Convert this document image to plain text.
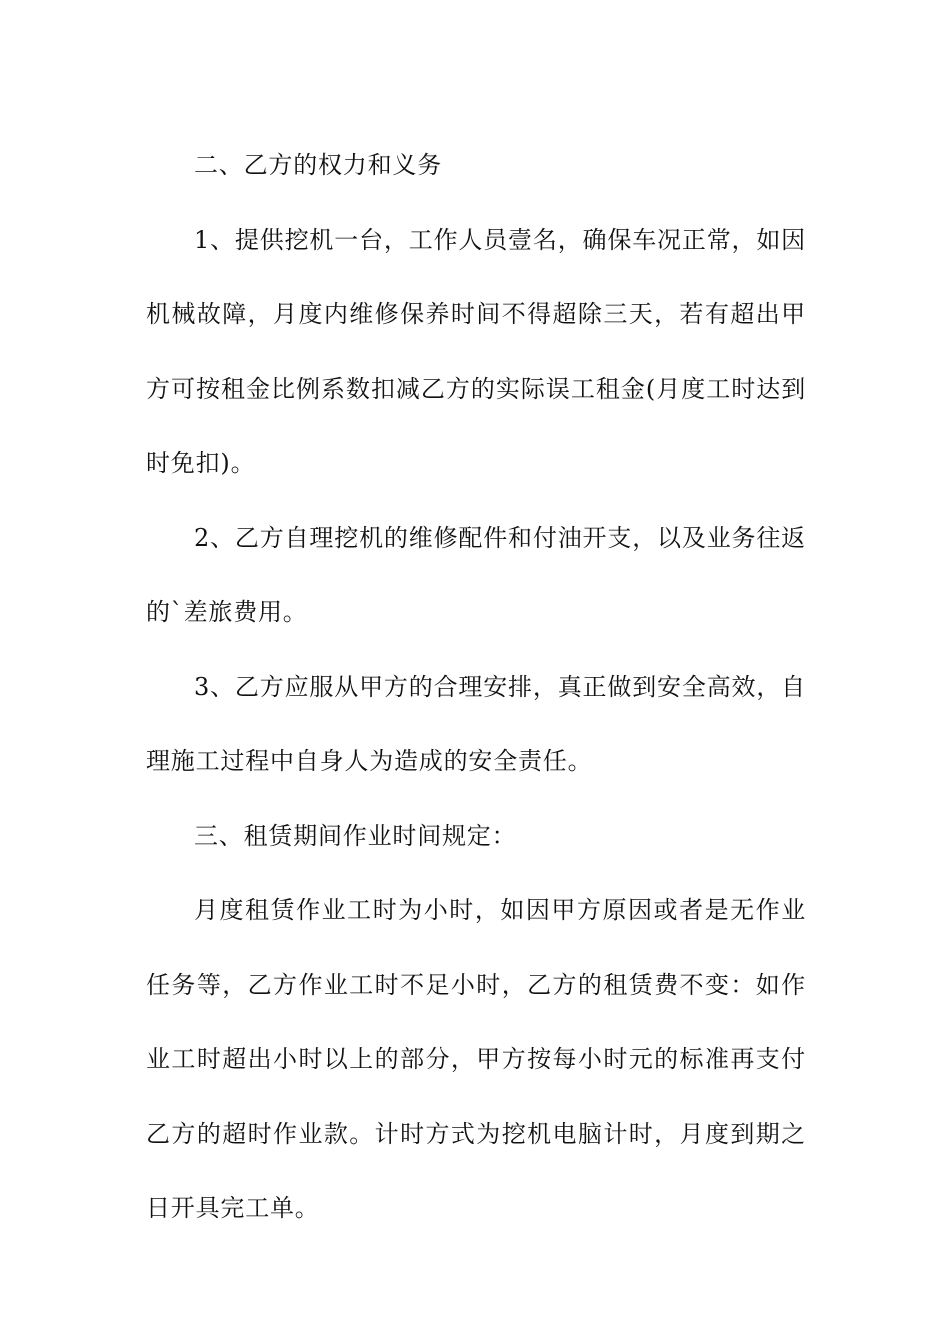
二、乙方的权力和义务

1、提供挖机一台，工作人员壹名，确保车况正常，如因机械故障，月度内维修保养时间不得超除三天，若有超出甲方可按租金比例系数扣减乙方的实际误工租金(月度工时达到时免扣)。

2、乙方自理挖机的维修配件和付油开支，以及业务往返的`差旅费用。

3、乙方应服从甲方的合理安排，真正做到安全高效，自理施工过程中自身人为造成的安全责任。

三、租赁期间作业时间规定：

月度租赁作业工时为小时，如因甲方原因或者是无作业任务等，乙方作业工时不足小时，乙方的租赁费不变：如作业工时超出小时以上的部分，甲方按每小时元的标准再支付乙方的超时作业款。计时方式为挖机电脑计时，月度到期之日开具完工单。
